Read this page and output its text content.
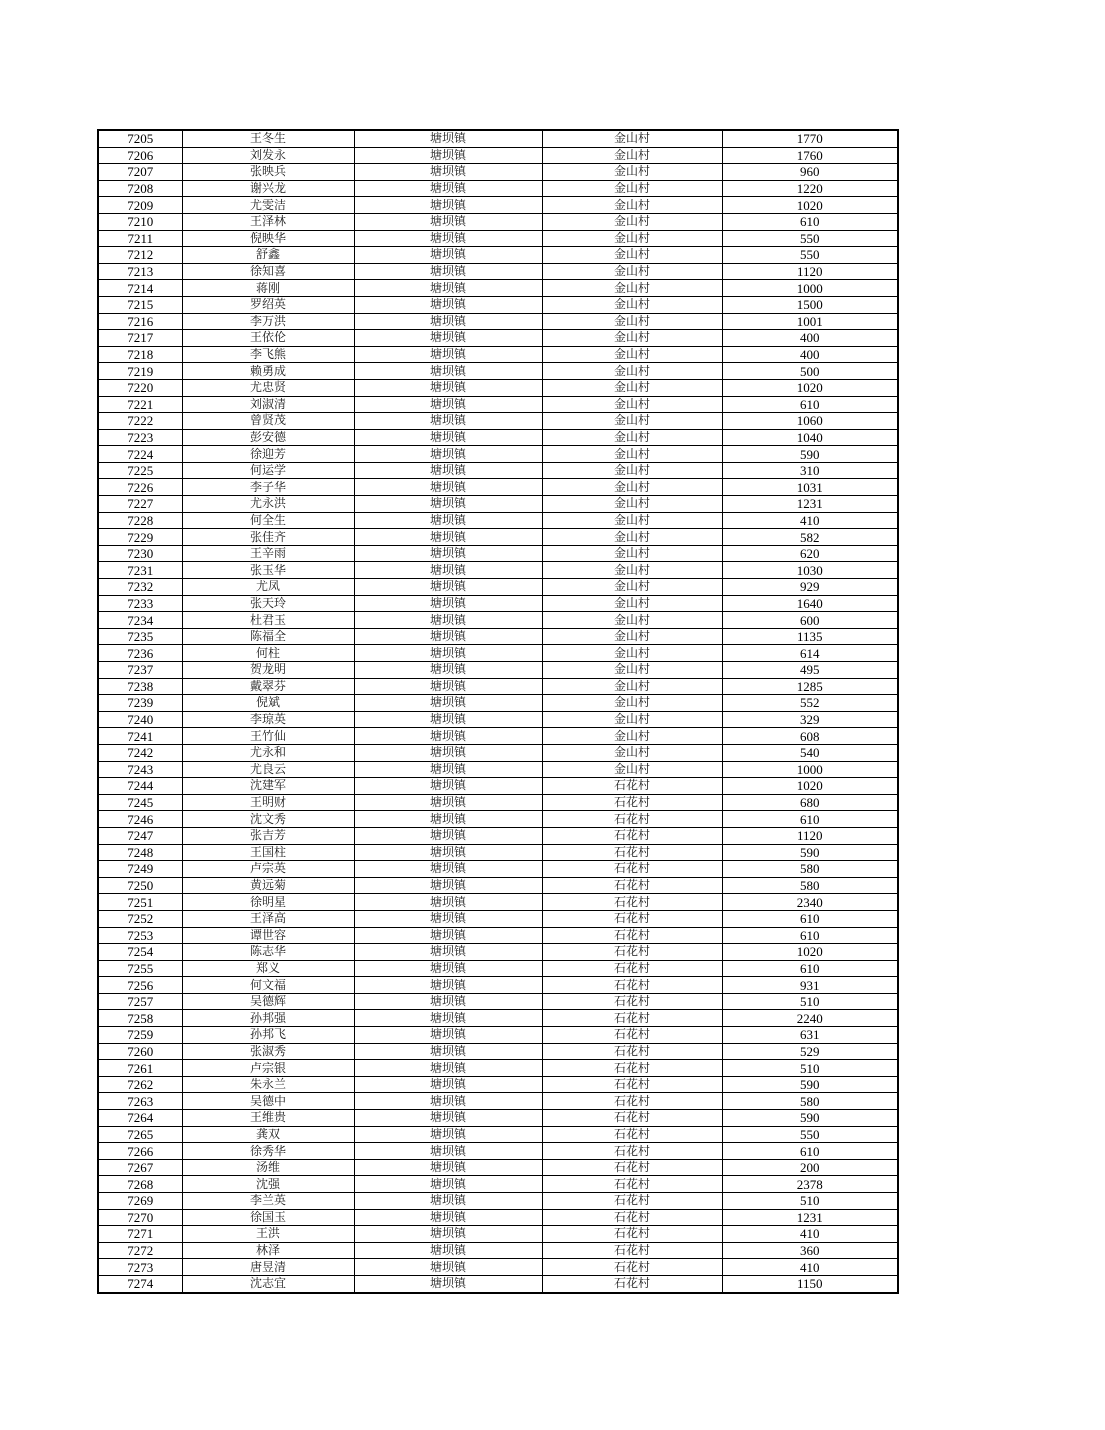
7205	王冬生	塘坝镇	金山村	1770
7206	刘发永	塘坝镇	金山村	1760
7207	张映兵	塘坝镇	金山村	960
7208	谢兴龙	塘坝镇	金山村	1220
7209	尤雯洁	塘坝镇	金山村	1020
7210	王泽林	塘坝镇	金山村	610
7211	倪映华	塘坝镇	金山村	550
7212	舒鑫	塘坝镇	金山村	550
7213	徐知喜	塘坝镇	金山村	1120
7214	蒋刚	塘坝镇	金山村	1000
7215	罗绍英	塘坝镇	金山村	1500
7216	李万洪	塘坝镇	金山村	1001
7217	王依伦	塘坝镇	金山村	400
7218	李飞熊	塘坝镇	金山村	400
7219	赖勇成	塘坝镇	金山村	500
7220	尤忠贤	塘坝镇	金山村	1020
7221	刘淑清	塘坝镇	金山村	610
7222	曾贤茂	塘坝镇	金山村	1060
7223	彭安德	塘坝镇	金山村	1040
7224	徐迎芳	塘坝镇	金山村	590
7225	何运学	塘坝镇	金山村	310
7226	李子华	塘坝镇	金山村	1031
7227	尤永洪	塘坝镇	金山村	1231
7228	何全生	塘坝镇	金山村	410
7229	张佳齐	塘坝镇	金山村	582
7230	王辛雨	塘坝镇	金山村	620
7231	张玉华	塘坝镇	金山村	1030
7232	尤凤	塘坝镇	金山村	929
7233	张天玲	塘坝镇	金山村	1640
7234	杜君玉	塘坝镇	金山村	600
7235	陈福全	塘坝镇	金山村	1135
7236	何柱	塘坝镇	金山村	614
7237	贺龙明	塘坝镇	金山村	495
7238	戴翠芬	塘坝镇	金山村	1285
7239	倪斌	塘坝镇	金山村	552
7240	李琼英	塘坝镇	金山村	329
7241	王竹仙	塘坝镇	金山村	608
7242	尤永和	塘坝镇	金山村	540
7243	尤良云	塘坝镇	金山村	1000
7244	沈建军	塘坝镇	石花村	1020
7245	王明财	塘坝镇	石花村	680
7246	沈文秀	塘坝镇	石花村	610
7247	张吉芳	塘坝镇	石花村	1120
7248	王国柱	塘坝镇	石花村	590
7249	卢宗英	塘坝镇	石花村	580
7250	黄远菊	塘坝镇	石花村	580
7251	徐明星	塘坝镇	石花村	2340
7252	王泽高	塘坝镇	石花村	610
7253	谭世容	塘坝镇	石花村	610
7254	陈志华	塘坝镇	石花村	1020
7255	郑义	塘坝镇	石花村	610
7256	何文福	塘坝镇	石花村	931
7257	吴德辉	塘坝镇	石花村	510
7258	孙邦强	塘坝镇	石花村	2240
7259	孙邦飞	塘坝镇	石花村	631
7260	张淑秀	塘坝镇	石花村	529
7261	卢宗银	塘坝镇	石花村	510
7262	朱永兰	塘坝镇	石花村	590
7263	吴德中	塘坝镇	石花村	580
7264	王维贵	塘坝镇	石花村	590
7265	龚双	塘坝镇	石花村	550
7266	徐秀华	塘坝镇	石花村	610
7267	汤维	塘坝镇	石花村	200
7268	沈强	塘坝镇	石花村	2378
7269	李兰英	塘坝镇	石花村	510
7270	徐国玉	塘坝镇	石花村	1231
7271	王洪	塘坝镇	石花村	410
7272	林泽	塘坝镇	石花村	360
7273	唐昱清	塘坝镇	石花村	410
7274	沈志宜	塘坝镇	石花村	1150
